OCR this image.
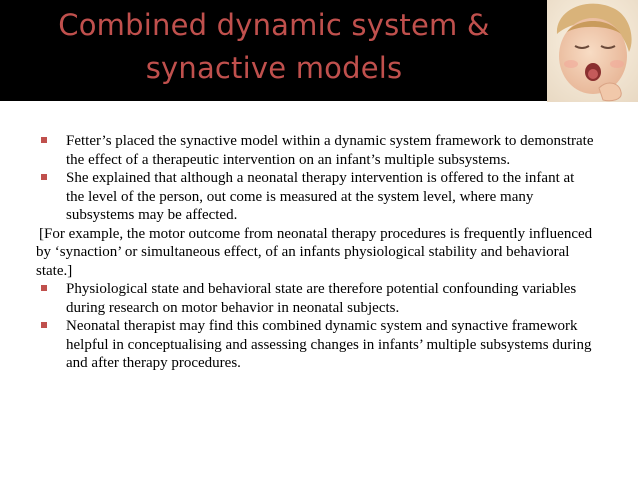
Combined dynamic system &
synactive models
Fetter’s placed the synactive model within a dynamic system framework to demonstrate the effect of a therapeutic intervention on an infant’s multiple subsystems.
She explained that although a neonatal therapy intervention is offered to the infant at the level of the person, out come is measured at the system level, where many subsystems may be affected.

[For example, the motor outcome from neonatal therapy procedures is frequently influenced by ‘synaction’ or simultaneous effect, of an infants physiological stability and behavioral state.]

Physiological state and behavioral state are therefore potential confounding variables during research on motor behavior in neonatal subjects.
Neonatal therapist may find this combined dynamic system and synactive framework helpful in conceptualising and assessing changes in infants’ multiple subsystems during and after therapy procedures.
